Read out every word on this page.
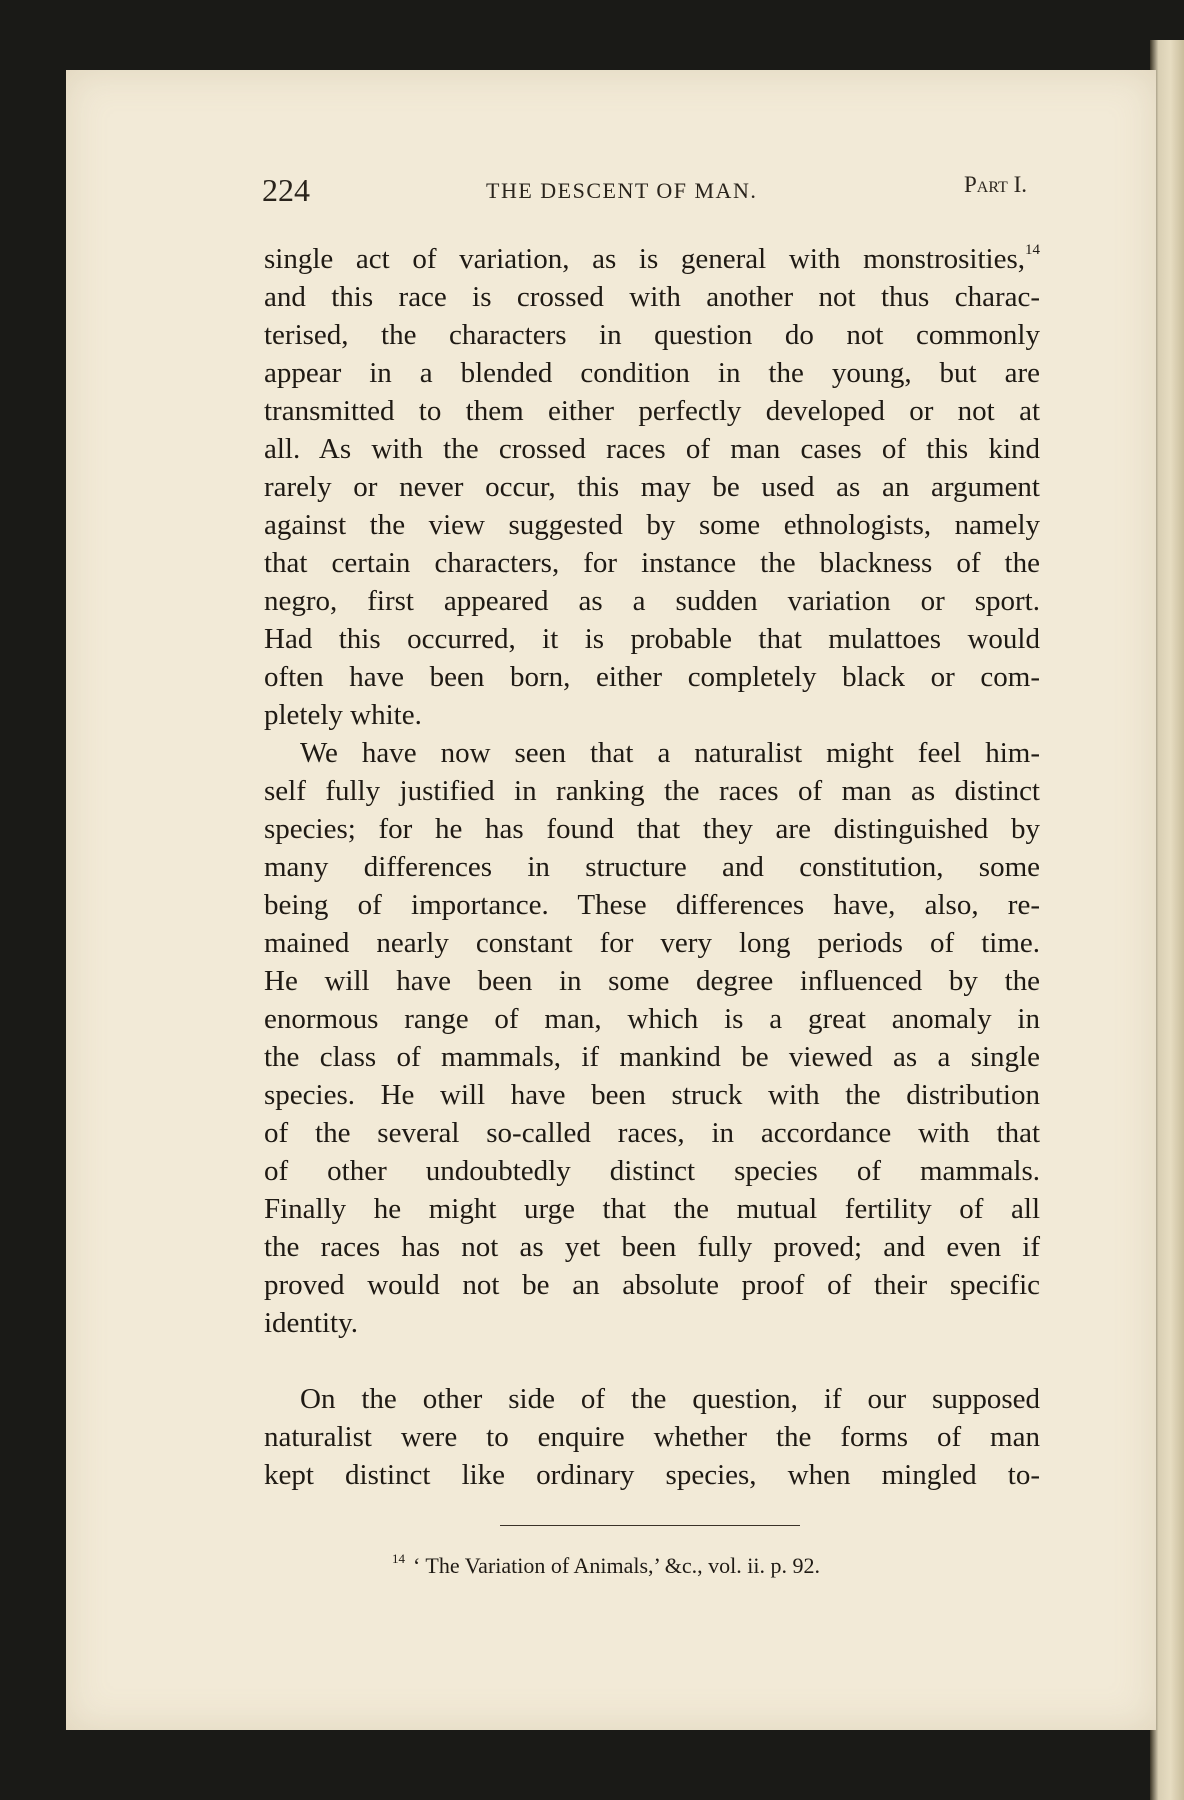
224	THE DESCENT OF MAN.	Part I.

single act of variation, as is general with monstrosities,$^{14}$
and this race is crossed with another not thus charac-
terised, the characters in question do not commonly
appear in a blended condition in the young, but are
transmitted to them either perfectly developed or not at
all. As with the crossed races of man cases of this kind
rarely or never occur, this may be used as an argument
against the view suggested by some ethnologists, namely
that certain characters, for instance the blackness of the
negro, first appeared as a sudden variation or sport.
Had this occurred, it is probable that mulattoes would
often have been born, either completely black or com-
pletely white.

We have now seen that a naturalist might feel him-
self fully justified in ranking the races of man as distinct
species; for he has found that they are distinguished by
many differences in structure and constitution, some
being of importance. These differences have, also, re-
mained nearly constant for very long periods of time.
He will have been in some degree influenced by the
enormous range of man, which is a great anomaly in
the class of mammals, if mankind be viewed as a single
species. He will have been struck with the distribution
of the several so-called races, in accordance with that
of other undoubtedly distinct species of mammals.
Finally he might urge that the mutual fertility of all
the races has not as yet been fully proved; and even if
proved would not be an absolute proof of their specific
identity.

On the other side of the question, if our supposed
naturalist were to enquire whether the forms of man
kept distinct like ordinary species, when mingled to-

$^{14}$ ‘ The Variation of Animals,’ &c., vol. ii. p. 92.
